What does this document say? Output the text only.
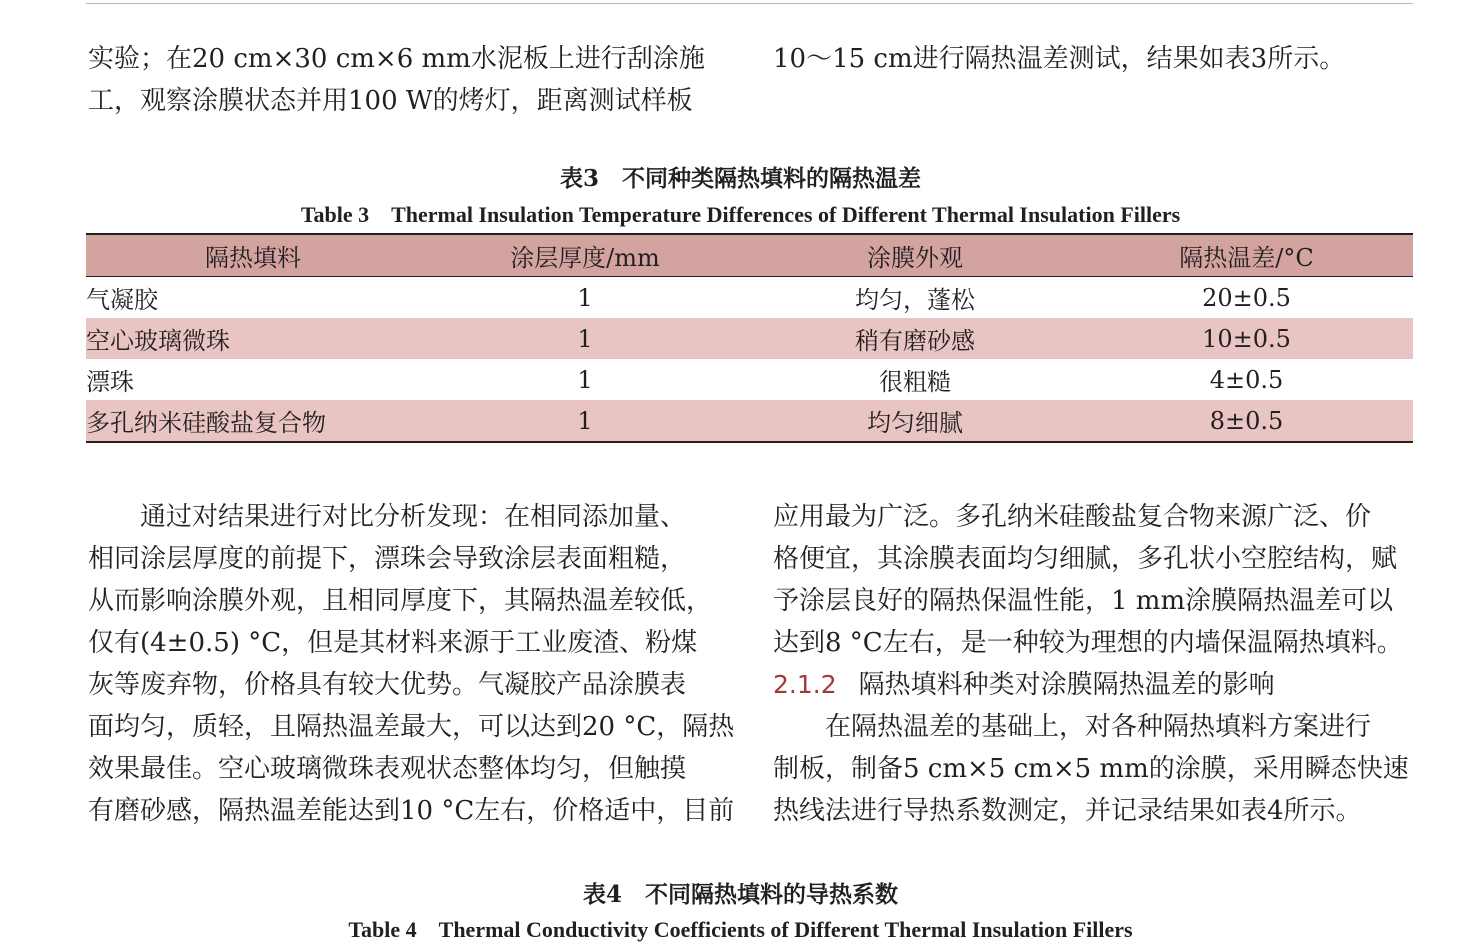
实验；在20 cm×30 cm×6 mm水泥板上进行刮涂施
工，观察涂膜状态并用100 W的烤灯，距离测试样板
10～15 cm进行隔热温差测试，结果如表3所示。
表3　不同种类隔热填料的隔热温差
Table 3　Thermal Insulation Temperature Differences of Different Thermal Insulation Fillers
隔热填料	涂层厚度/mm	涂膜外观	隔热温差/°C
气凝胶	1	均匀，蓬松	20±0.5
空心玻璃微珠	1	稍有磨砂感	10±0.5
漂珠	1	很粗糙	4±0.5
多孔纳米硅酸盐复合物	1	均匀细腻	8±0.5
通过对结果进行对比分析发现：在相同添加量、
相同涂层厚度的前提下，漂珠会导致涂层表面粗糙，
从而影响涂膜外观，且相同厚度下，其隔热温差较低，
仅有(4±0.5) °C，但是其材料来源于工业废渣、粉煤
灰等废弃物，价格具有较大优势。气凝胶产品涂膜表
面均匀，质轻，且隔热温差最大，可以达到20 °C，隔热
效果最佳。空心玻璃微珠表观状态整体均匀，但触摸
有磨砂感，隔热温差能达到10 °C左右，价格适中，目前
应用最为广泛。多孔纳米硅酸盐复合物来源广泛、价
格便宜，其涂膜表面均匀细腻，多孔状小空腔结构，赋
予涂层良好的隔热保温性能，1 mm涂膜隔热温差可以
达到8 °C左右，是一种较为理想的内墙保温隔热填料。
2.1.2 隔热填料种类对涂膜隔热温差的影响
在隔热温差的基础上，对各种隔热填料方案进行
制板，制备5 cm×5 cm×5 mm的涂膜，采用瞬态快速
热线法进行导热系数测定，并记录结果如表4所示。
表4　不同隔热填料的导热系数
Table 4　Thermal Conductivity Coefficients of Different Thermal Insulation Fillers
